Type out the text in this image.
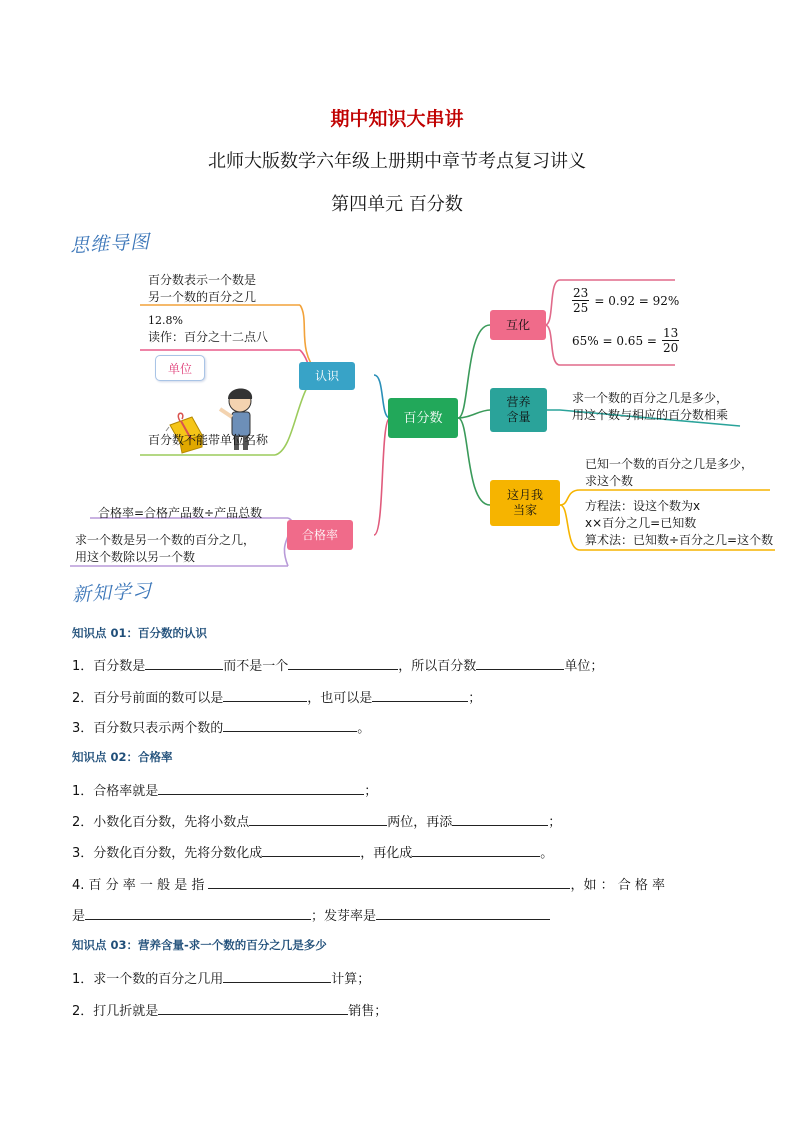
期中知识大串讲
北师大版数学六年级上册期中章节考点复习讲义
第四单元 百分数
思维导图
百分数表示一个数是
另一个数的百分之几
12.8%
读作：百分之十二点八
单位
百分数不能带单位名称
认识
百分数
合格率
合格率=合格产品数÷产品总数
求一个数是另一个数的百分之几，
用这个数除以另一个数
互化
$\frac{23}{25} = 0.92 = 92\%$
$65\% = 0.65 = \frac{13}{20}$
营养
含量
求一个数的百分之几是多少，
用这个数与相应的百分数相乘
这月我
当家
已知一个数的百分之几是多少，
求这个数
方程法：设这个数为x
x×百分之几=已知数
算术法：已知数÷百分之几=这个数
新知学习
知识点 01：百分数的认识
1．百分数是	而不是一个	，所以百分数	单位；
2．百分号前面的数可以是	，也可以是	；
3．百分数只表示两个数的	。
知识点 02：合格率
1．合格率就是	；
2．小数化百分数，先将小数点	两位，再添	；
3．分数化百分数，先将分数化成	，再化成	。
4. 百 分 率 一 般 是 指	，如 ： 合 格 率
是	；发芽率是
知识点 03：营养含量-求一个数的百分之几是多少
1．求一个数的百分之几用	计算；
2．打几折就是	销售；
